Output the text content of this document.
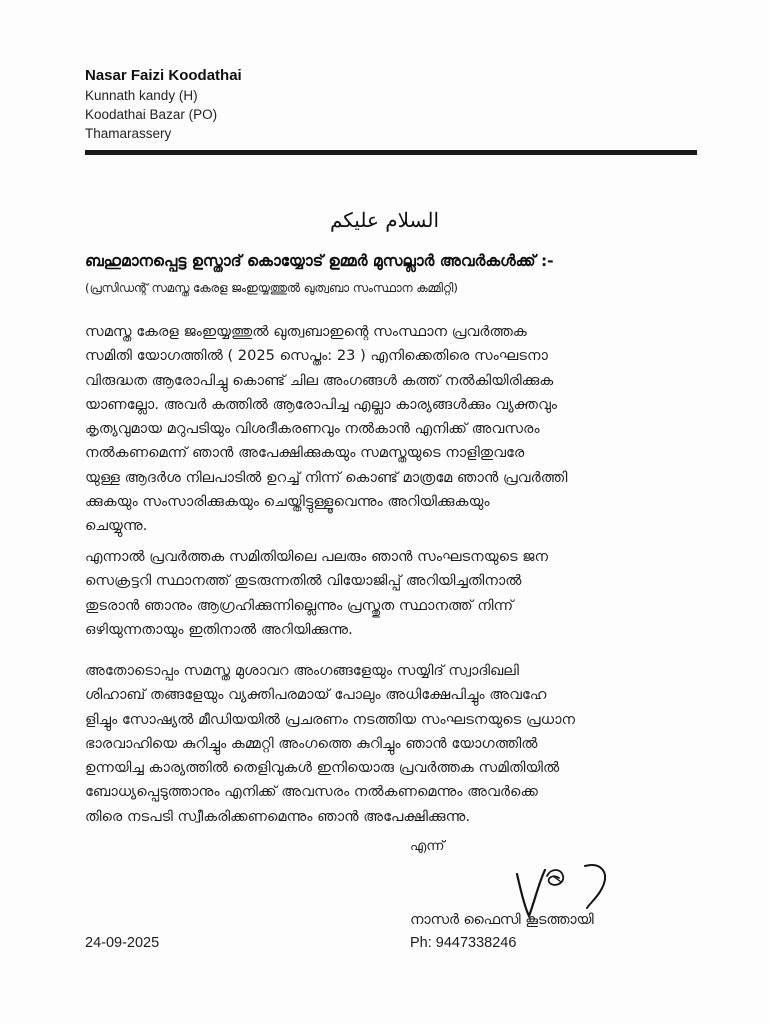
Nasar Faizi Koodathai
Kunnath kandy (H)
Koodathai Bazar (PO)
Thamarassery
السلام عليكم
ബഹുമാനപ്പെട്ട ഉസ്താദ് കൊയ്യോട് ഉമ്മർ മുസല്ലാർ അവർകൾക്ക് :-
(പ്രസിഡന്റ് സമസ്ത കേരള ജംഇയ്യത്തുൽ ഖുത്വബാ സംസ്ഥാന കമ്മിറ്റി)
സമസ്ത കേരള ജംഇയ്യത്തുൽ ഖുത്വബാഇന്റെ സംസ്ഥാന പ്രവർത്തക
സമിതി യോഗത്തിൽ ( 2025 സെപ്തം: 23 ) എനിക്കെതിരെ സംഘടനാ
വിരുദ്ധത ആരോപിച്ചു കൊണ്ട് ചില അംഗങ്ങൾ കത്ത് നൽകിയിരിക്കുക
യാണല്ലോ. അവർ കത്തിൽ ആരോപിച്ച എല്ലാ കാര്യങ്ങൾക്കും വ്യക്തവും
കൃത്യവുമായ മറുപടിയും വിശദീകരണവും നൽകാൻ എനിക്ക് അവസരം
നൽകണമെന്ന് ഞാൻ അപേക്ഷിക്കുകയും സമസ്തയുടെ നാളിതുവരേ
യുള്ള ആദർശ നിലപാടിൽ ഉറച്ച് നിന്ന് കൊണ്ട് മാത്രമേ ഞാൻ പ്രവർത്തി
ക്കുകയും സംസാരിക്കുകയും ചെയ്തിട്ടുള്ളൂവെന്നും അറിയിക്കുകയും
ചെയ്യുന്നു.
എന്നാൽ പ്രവർത്തക സമിതിയിലെ പലരും ഞാൻ സംഘടനയുടെ ജന
സെക്രട്ടറി സ്ഥാനത്ത് തുടരുന്നതിൽ വിയോജിപ്പ് അറിയിച്ചതിനാൽ
തുടരാൻ ഞാനും ആഗ്രഹിക്കുന്നില്ലെന്നും പ്രസ്തുത സ്ഥാനത്ത് നിന്ന്
ഒഴിയുന്നതായും ഇതിനാൽ അറിയിക്കുന്നു.
അതോടൊപ്പം സമസ്ത മുശാവറ അംഗങ്ങളേയും സയ്യിദ് സ്വാദിഖലി
ശിഹാബ് തങ്ങളേയും വ്യക്തിപരമായ് പോലും അധിക്ഷേപിച്ചും അവഹേ
ളിച്ചും സോഷ്യൽ മീഡിയയിൽ പ്രചരണം നടത്തിയ സംഘടനയുടെ പ്രധാന
ഭാരവാഹിയെ കുറിച്ചും കമ്മറ്റി അംഗത്തെ കുറിച്ചും ഞാൻ യോഗത്തിൽ
ഉന്നയിച്ച കാര്യത്തിൽ തെളിവുകൾ ഇനിയൊരു പ്രവർത്തക സമിതിയിൽ
ബോധ്യപ്പെടുത്താനും എനിക്ക് അവസരം നൽകണമെന്നും അവർക്കെ
തിരെ നടപടി സ്വീകരിക്കണമെന്നും ഞാൻ അപേക്ഷിക്കുന്നു.
എന്ന്
നാസർ ഫൈസി കൂടത്തായി
Ph: 9447338246
24-09-2025
